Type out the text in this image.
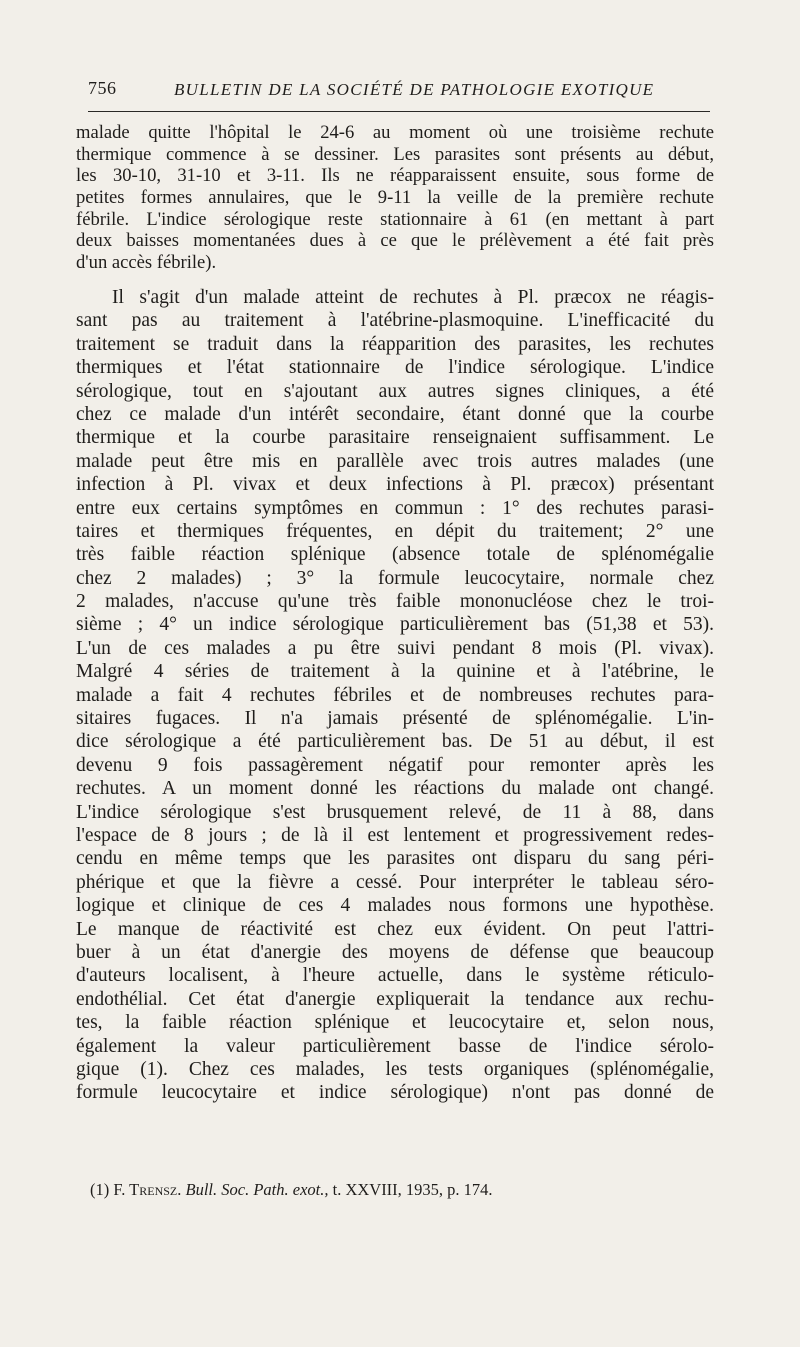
756	BULLETIN DE LA SOCIÉTÉ DE PATHOLOGIE EXOTIQUE
malade quitte l'hôpital le 24-6 au moment où une troisième rechute
thermique commence à se dessiner. Les parasites sont présents au début,
les 30-10, 31-10 et 3-11. Ils ne réapparaissent ensuite, sous forme de
petites formes annulaires, que le 9-11 la veille de la première rechute
fébrile. L'indice sérologique reste stationnaire à 61 (en mettant à part
deux baisses momentanées dues à ce que le prélèvement a été fait près
d'un accès fébrile).
Il s'agit d'un malade atteint de rechutes à Pl. præcox ne réagis-
sant pas au traitement à l'atébrine-plasmoquine. L'inefficacité du
traitement se traduit dans la réapparition des parasites, les rechutes
thermiques et l'état stationnaire de l'indice sérologique. L'indice
sérologique, tout en s'ajoutant aux autres signes cliniques, a été
chez ce malade d'un intérêt secondaire, étant donné que la courbe
thermique et la courbe parasitaire renseignaient suffisamment. Le
malade peut être mis en parallèle avec trois autres malades (une
infection à Pl. vivax et deux infections à Pl. præcox) présentant
entre eux certains symptômes en commun : 1° des rechutes parasi-
taires et thermiques fréquentes, en dépit du traitement; 2° une
très faible réaction splénique (absence totale de splénomégalie
chez 2 malades) ; 3° la formule leucocytaire, normale chez
2 malades, n'accuse qu'une très faible mononucléose chez le troi-
sième ; 4° un indice sérologique particulièrement bas (51,38 et 53).
L'un de ces malades a pu être suivi pendant 8 mois (Pl. vivax).
Malgré 4 séries de traitement à la quinine et à l'atébrine, le
malade a fait 4 rechutes fébriles et de nombreuses rechutes para-
sitaires fugaces. Il n'a jamais présenté de splénomégalie. L'in-
dice sérologique a été particulièrement bas. De 51 au début, il est
devenu 9 fois passagèrement négatif pour remonter après les
rechutes. A un moment donné les réactions du malade ont changé.
L'indice sérologique s'est brusquement relevé, de 11 à 88, dans
l'espace de 8 jours ; de là il est lentement et progressivement redes-
cendu en même temps que les parasites ont disparu du sang péri-
phérique et que la fièvre a cessé. Pour interpréter le tableau séro-
logique et clinique de ces 4 malades nous formons une hypothèse.
Le manque de réactivité est chez eux évident. On peut l'attri-
buer à un état d'anergie des moyens de défense que beaucoup
d'auteurs localisent, à l'heure actuelle, dans le système réticulo-
endothélial. Cet état d'anergie expliquerait la tendance aux rechu-
tes, la faible réaction splénique et leucocytaire et, selon nous,
également la valeur particulièrement basse de l'indice sérolo-
gique (1). Chez ces malades, les tests organiques (splénomégalie,
formule leucocytaire et indice sérologique) n'ont pas donné de
(1) F. Trensz. Bull. Soc. Path. exot., t. XXVIII, 1935, p. 174.
